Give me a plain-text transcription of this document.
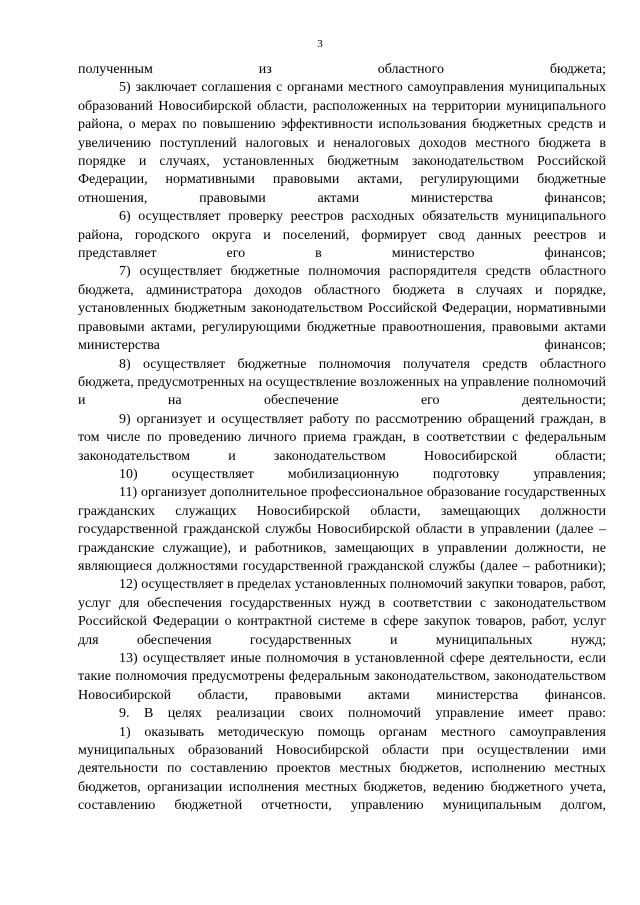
3

полученным из областного бюджета;

5) заключает соглашения с органами местного самоуправления муниципальных образований Новосибирской области, расположенных на территории муниципального района, о мерах по повышению эффективности использования бюджетных средств и увеличению поступлений налоговых и неналоговых доходов местного бюджета в порядке и случаях, установленных бюджетным законодательством Российской Федерации, нормативными правовыми актами, регулирующими бюджетные отношения, правовыми актами министерства финансов;

6) осуществляет проверку реестров расходных обязательств муниципального района, городского округа и поселений, формирует свод данных реестров и представляет его в министерство финансов;

7) осуществляет бюджетные полномочия распорядителя средств областного бюджета, администратора доходов областного бюджета в случаях и порядке, установленных бюджетным законодательством Российской Федерации, нормативными правовыми актами, регулирующими бюджетные правоотношения, правовыми актами министерства финансов;

8) осуществляет бюджетные полномочия получателя средств областного бюджета, предусмотренных на осуществление возложенных на управление полномочий и на обеспечение его деятельности;

9) организует и осуществляет работу по рассмотрению обращений граждан, в том числе по проведению личного приема граждан, в соответствии с федеральным законодательством и законодательством Новосибирской области;

10) осуществляет мобилизационную подготовку управления;

11) организует дополнительное профессиональное образование государственных гражданских служащих Новосибирской области, замещающих должности государственной гражданской службы Новосибирской области в управлении (далее – гражданские служащие), и работников, замещающих в управлении должности, не являющиеся должностями государственной гражданской службы (далее – работники);

12) осуществляет в пределах установленных полномочий закупки товаров, работ, услуг для обеспечения государственных нужд в соответствии с законодательством Российской Федерации о контрактной системе в сфере закупок товаров, работ, услуг для обеспечения государственных и муниципальных нужд;

13) осуществляет иные полномочия в установленной сфере деятельности, если такие полномочия предусмотрены федеральным законодательством, законодательством Новосибирской области, правовыми актами министерства финансов.

9. В целях реализации своих полномочий управление имеет право:

1) оказывать методическую помощь органам местного самоуправления муниципальных образований Новосибирской области при осуществлении ими деятельности по составлению проектов местных бюджетов, исполнению местных бюджетов, организации исполнения местных бюджетов, ведению бюджетного учета, составлению бюджетной отчетности, управлению муниципальным долгом,
